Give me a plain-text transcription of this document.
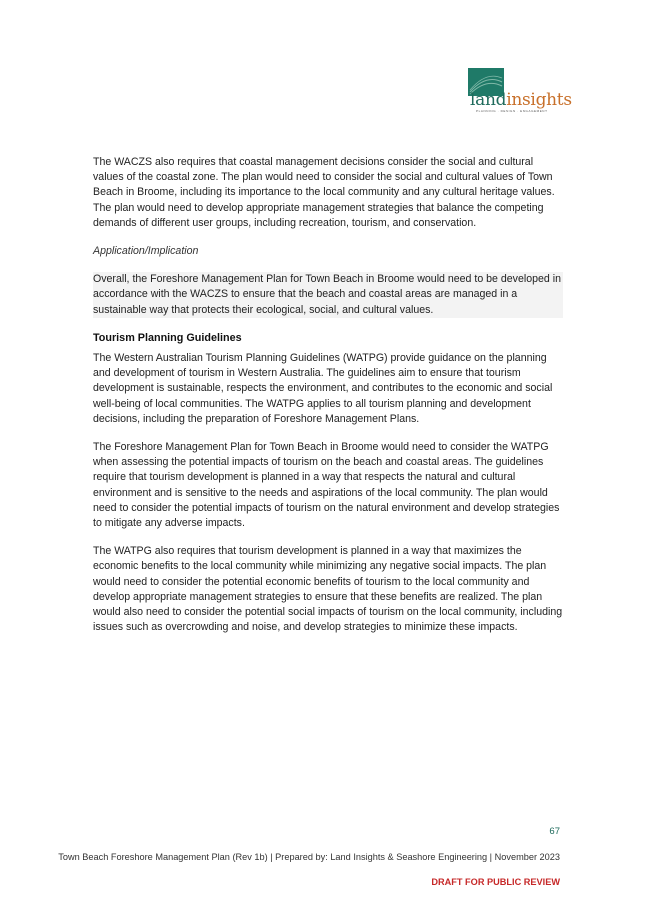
landinsights
PLANNING · DESIGN · ENGAGEMENT

The WACZS also requires that coastal management decisions consider the social and cultural values of the coastal zone. The plan would need to consider the social and cultural values of Town Beach in Broome, including its importance to the local community and any cultural heritage values. The plan would need to develop appropriate management strategies that balance the competing demands of different user groups, including recreation, tourism, and conservation.

Application/Implication

Overall, the Foreshore Management Plan for Town Beach in Broome would need to be developed in accordance with the WACZS to ensure that the beach and coastal areas are managed in a sustainable way that protects their ecological, social, and cultural values.

Tourism Planning Guidelines

The Western Australian Tourism Planning Guidelines (WATPG) provide guidance on the planning and development of tourism in Western Australia. The guidelines aim to ensure that tourism development is sustainable, respects the environment, and contributes to the economic and social well-being of local communities. The WATPG applies to all tourism planning and development decisions, including the preparation of Foreshore Management Plans.

The Foreshore Management Plan for Town Beach in Broome would need to consider the WATPG when assessing the potential impacts of tourism on the beach and coastal areas. The guidelines require that tourism development is planned in a way that respects the natural and cultural environment and is sensitive to the needs and aspirations of the local community. The plan would need to consider the potential impacts of tourism on the natural environment and develop strategies to mitigate any adverse impacts.

The WATPG also requires that tourism development is planned in a way that maximizes the economic benefits to the local community while minimizing any negative social impacts. The plan would need to consider the potential economic benefits of tourism to the local community and develop appropriate management strategies to ensure that these benefits are realized. The plan would also need to consider the potential social impacts of tourism on the local community, including issues such as overcrowding and noise, and develop strategies to minimize these impacts.

67
Town Beach Foreshore Management Plan (Rev 1b) | Prepared by: Land Insights & Seashore Engineering | November 2023
DRAFT FOR PUBLIC REVIEW
